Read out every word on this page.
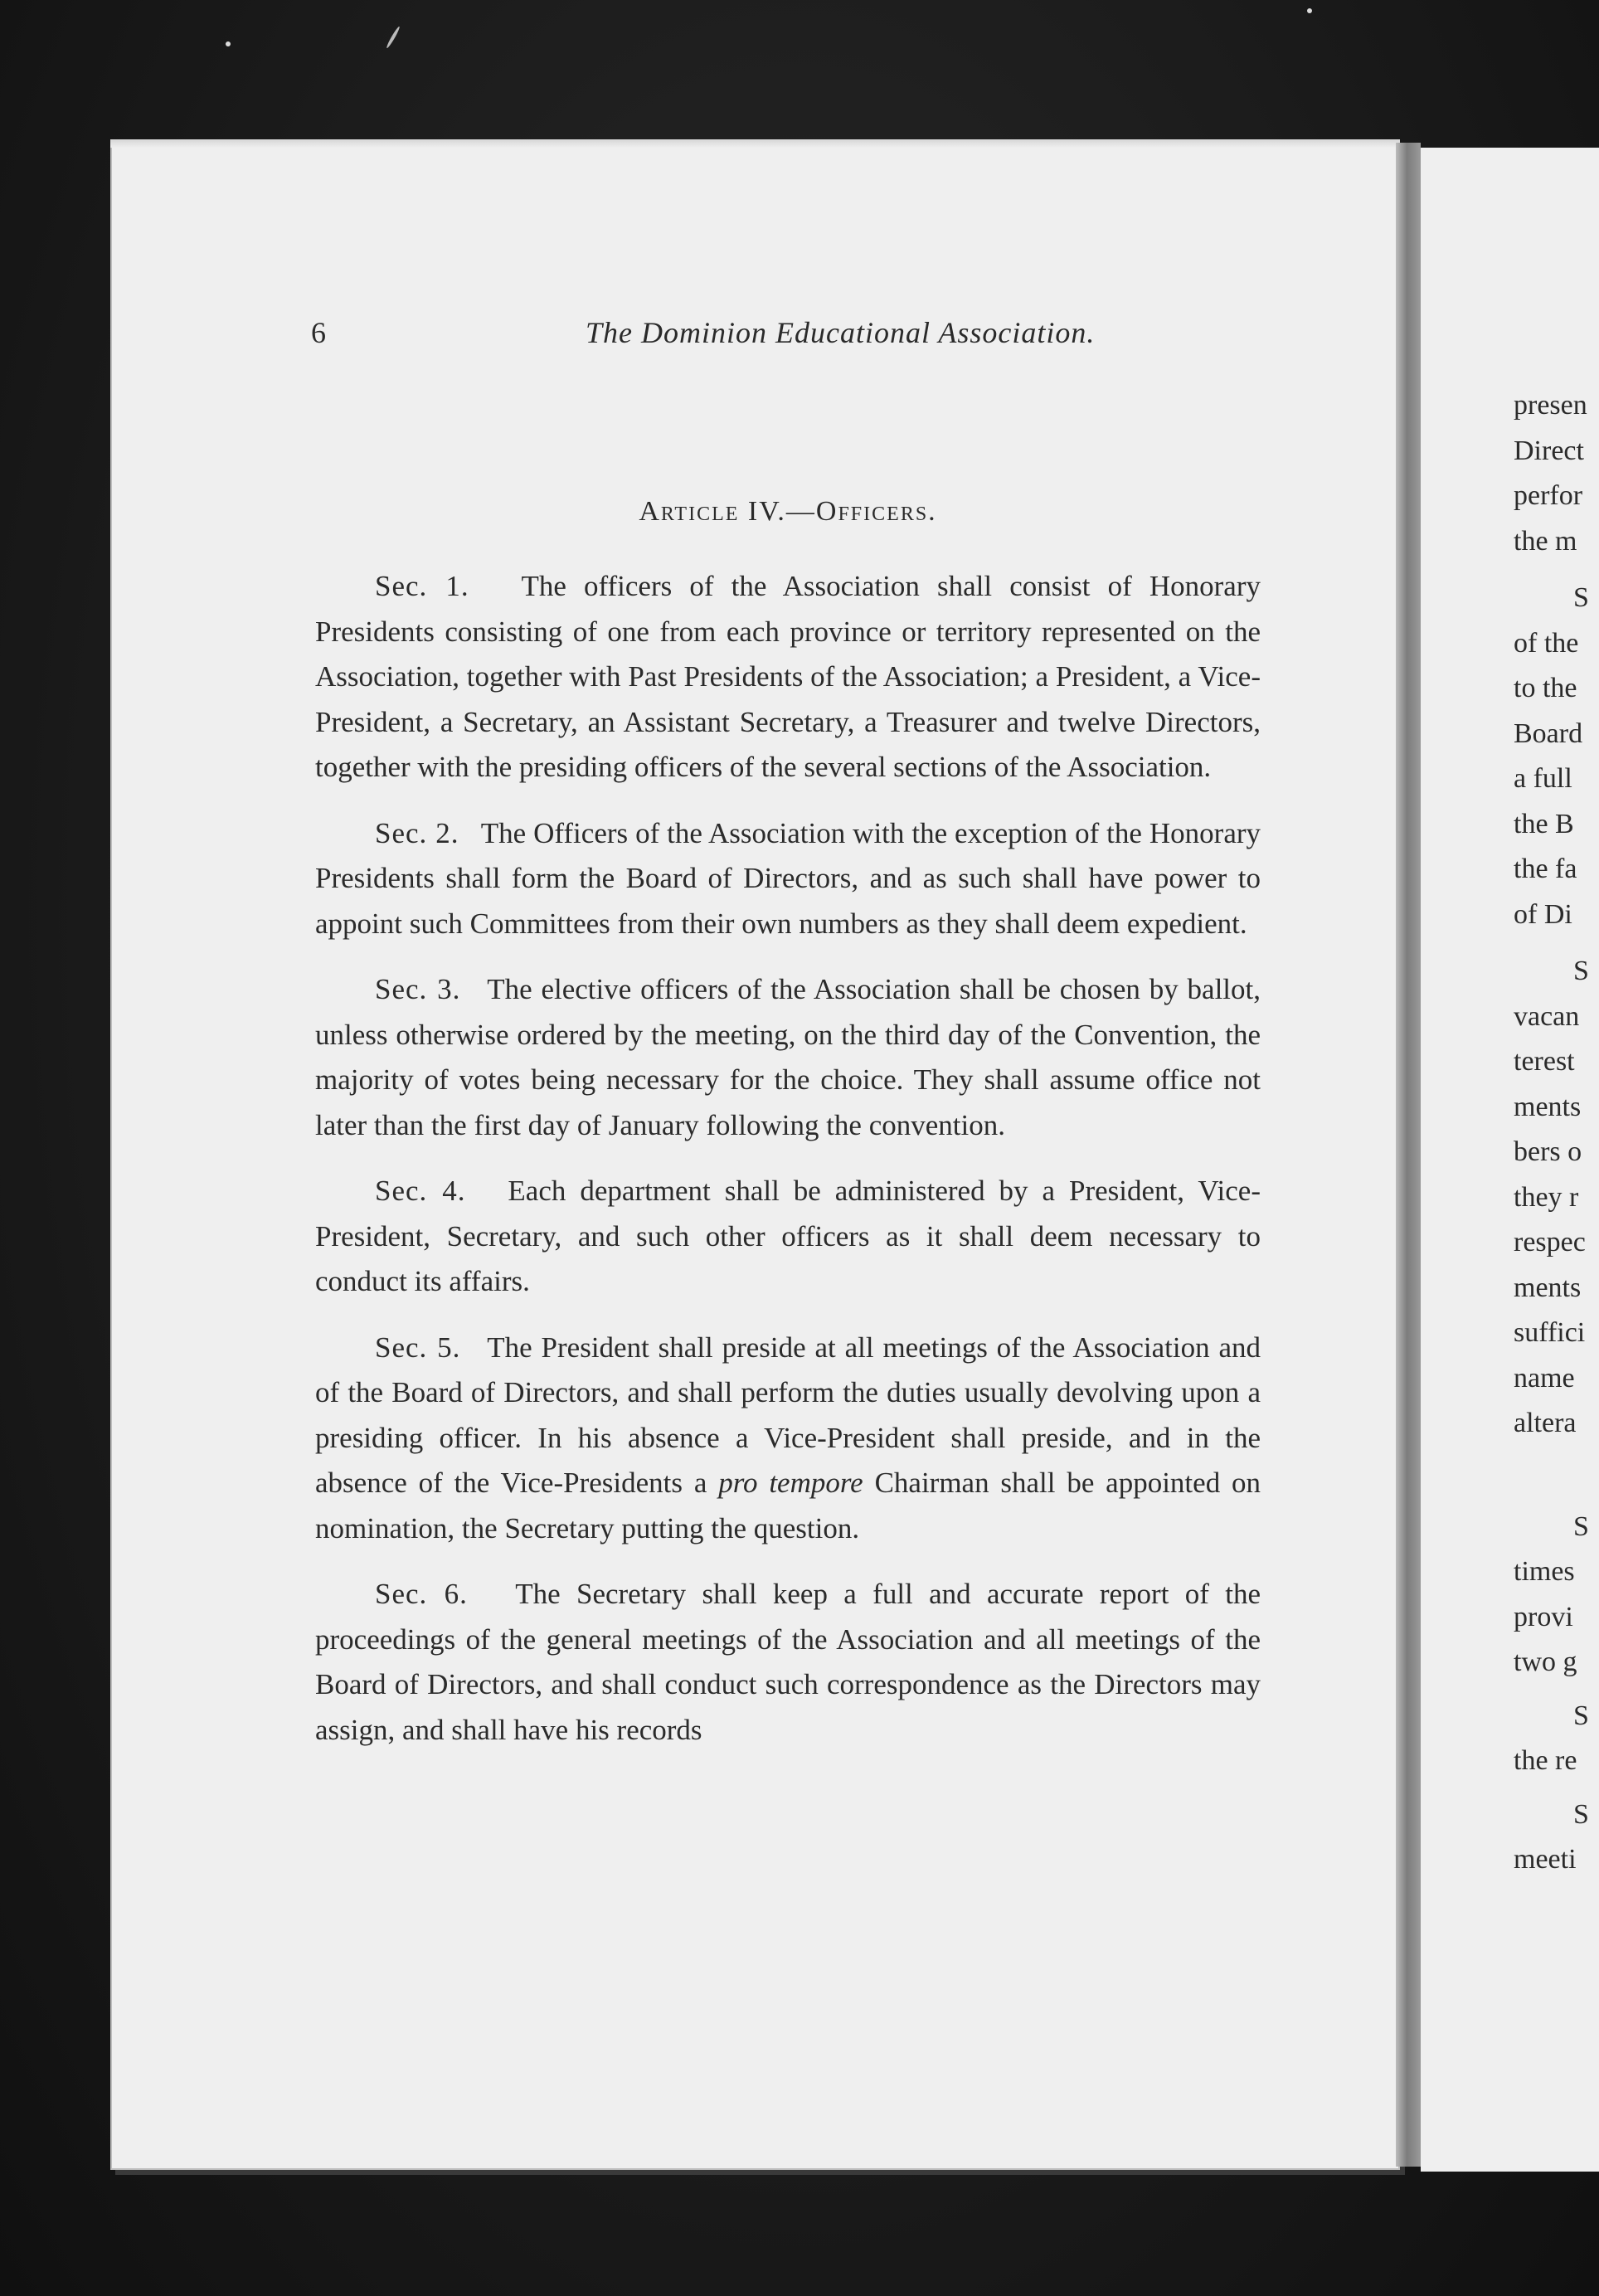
6	The Dominion Educational Association.
Article IV.—Officers.

Sec. 1. The officers of the Association shall consist of Honorary Presidents consisting of one from each province or territory represented on the Association, together with Past Presidents of the Association; a President, a Vice-President, a Secretary, an Assistant Secretary, a Treasurer and twelve Directors, together with the presiding officers of the several sections of the Association.

Sec. 2. The Officers of the Association with the exception of the Honorary Presidents shall form the Board of Directors, and as such shall have power to appoint such Committees from their own numbers as they shall deem expedient.

Sec. 3. The elective officers of the Association shall be chosen by ballot, unless otherwise ordered by the meeting, on the third day of the Convention, the majority of votes being necessary for the choice. They shall assume office not later than the first day of January following the convention.

Sec. 4. Each department shall be administered by a President, Vice-President, Secretary, and such other officers as it shall deem necessary to conduct its affairs.

Sec. 5. The President shall preside at all meetings of the Association and of the Board of Directors, and shall perform the duties usually devolving upon a presiding officer. In his absence a Vice-President shall preside, and in the absence of the Vice-Presidents a pro tempore Chairman shall be appointed on nomination, the Secretary putting the question.

Sec. 6. The Secretary shall keep a full and accurate report of the proceedings of the general meetings of the Association and all meetings of the Board of Directors, and shall conduct such correspondence as the Directors may assign, and shall have his records

presen
Direct
perfor
the m
S
of the
to the
Board
a full
the B
the fa
of Di
S
vacan
terest
ments
bers o
they r
respec
ments
suffici
name
altera
S
times
provi
two g
S
the re
S
meeti
